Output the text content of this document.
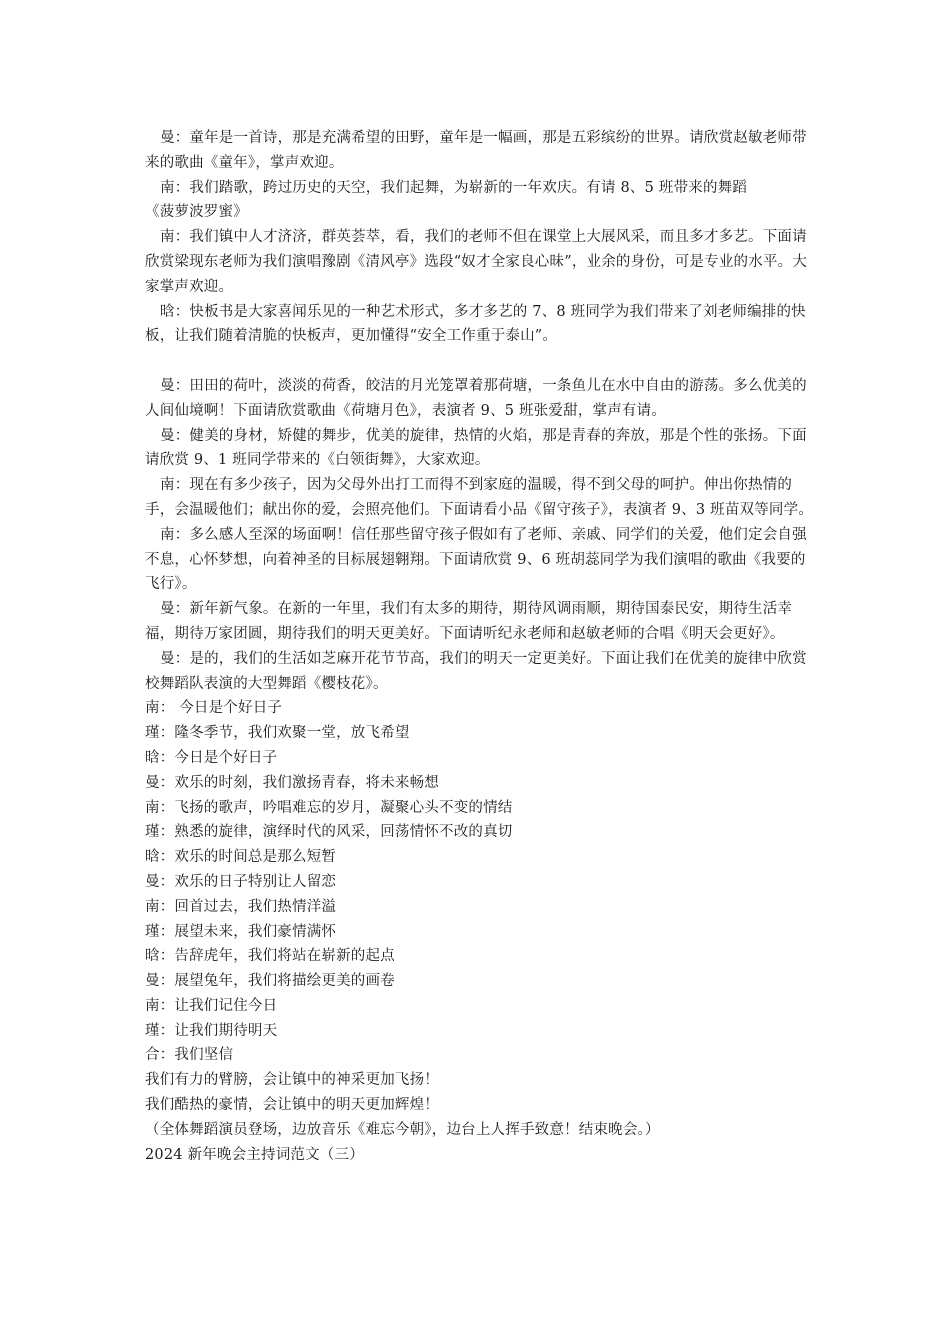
曼：童年是一首诗，那是充满希望的田野，童年是一幅画，那是五彩缤纷的世界。请欣赏赵敏老师带来的歌曲《童年》，掌声欢迎。

南：我们踏歌，跨过历史的天空，我们起舞，为崭新的一年欢庆。有请 8、5 班带来的舞蹈

《菠萝波罗蜜》

南：我们镇中人才济济，群英荟萃，看，我们的老师不但在课堂上大展风采，而且多才多艺。下面请欣赏梁现东老师为我们演唱豫剧《清风亭》选段“奴才全家良心昧”，业余的身份，可是专业的水平。大家掌声欢迎。

晗：快板书是大家喜闻乐见的一种艺术形式，多才多艺的 7、8 班同学为我们带来了刘老师编排的快板，让我们随着清脆的快板声，更加懂得“安全工作重于泰山”。

曼：田田的荷叶，淡淡的荷香，皎洁的月光笼罩着那荷塘，一条鱼儿在水中自由的游荡。多么优美的人间仙境啊！下面请欣赏歌曲《荷塘月色》，表演者 9、5 班张爱甜，掌声有请。

曼：健美的身材，矫健的舞步，优美的旋律，热情的火焰，那是青春的奔放，那是个性的张扬。下面请欣赏 9、1 班同学带来的《白领街舞》，大家欢迎。

南：现在有多少孩子，因为父母外出打工而得不到家庭的温暖，得不到父母的呵护。伸出你热情的手，会温暖他们；献出你的爱，会照亮他们。下面请看小品《留守孩子》，表演者 9、3 班苗双等同学。

南：多么感人至深的场面啊！信任那些留守孩子假如有了老师、亲戚、同学们的关爱，他们定会自强不息，心怀梦想，向着神圣的目标展翅翱翔。下面请欣赏 9、6 班胡蕊同学为我们演唱的歌曲《我要的飞行》。

曼：新年新气象。在新的一年里，我们有太多的期待，期待风调雨顺，期待国泰民安，期待生活幸福，期待万家团圆，期待我们的明天更美好。下面请听纪永老师和赵敏老师的合唱《明天会更好》。

曼：是的，我们的生活如芝麻开花节节高，我们的明天一定更美好。下面让我们在优美的旋律中欣赏校舞蹈队表演的大型舞蹈《樱枝花》。

南： 今日是个好日子

瑾：隆冬季节，我们欢聚一堂，放飞希望

晗：今日是个好日子

曼：欢乐的时刻，我们激扬青春，将未来畅想

南：飞扬的歌声，吟唱难忘的岁月，凝聚心头不变的情结

瑾：熟悉的旋律，演绎时代的风采，回荡情怀不改的真切

晗：欢乐的时间总是那么短暂

曼：欢乐的日子特别让人留恋

南：回首过去，我们热情洋溢

瑾：展望未来，我们豪情满怀

晗：告辞虎年，我们将站在崭新的起点

曼：展望兔年，我们将描绘更美的画卷

南：让我们记住今日

瑾：让我们期待明天

合：我们坚信

我们有力的臂膀，会让镇中的神采更加飞扬！

我们酷热的豪情，会让镇中的明天更加辉煌！

（全体舞蹈演员登场，边放音乐《难忘今朝》，边台上人挥手致意！结束晚会。）

2024 新年晚会主持词范文（三）
